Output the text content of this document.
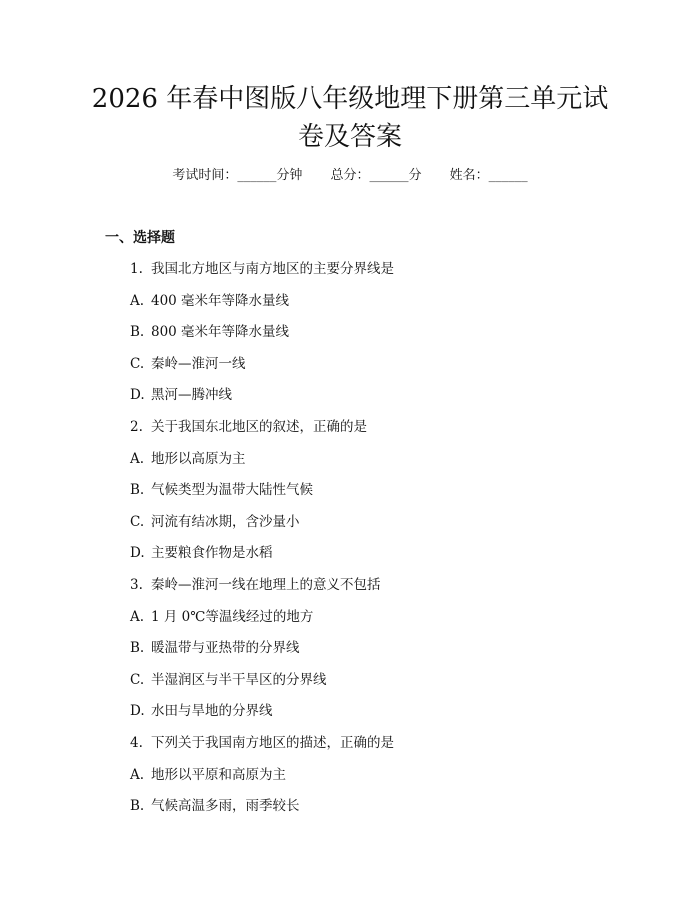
2026 年春中图版八年级地理下册第三单元试
卷及答案
考试时间：______分钟 总分：______分 姓名：______
一、选择题
1. 我国北方地区与南方地区的主要分界线是
A. 400 毫米年等降水量线
B. 800 毫米年等降水量线
C. 秦岭—淮河一线
D. 黑河—腾冲线
2. 关于我国东北地区的叙述，正确的是
A. 地形以高原为主
B. 气候类型为温带大陆性气候
C. 河流有结冰期，含沙量小
D. 主要粮食作物是水稻
3. 秦岭—淮河一线在地理上的意义不包括
A. 1 月 0℃等温线经过的地方
B. 暖温带与亚热带的分界线
C. 半湿润区与半干旱区的分界线
D. 水田与旱地的分界线
4. 下列关于我国南方地区的描述，正确的是
A. 地形以平原和高原为主
B. 气候高温多雨，雨季较长
